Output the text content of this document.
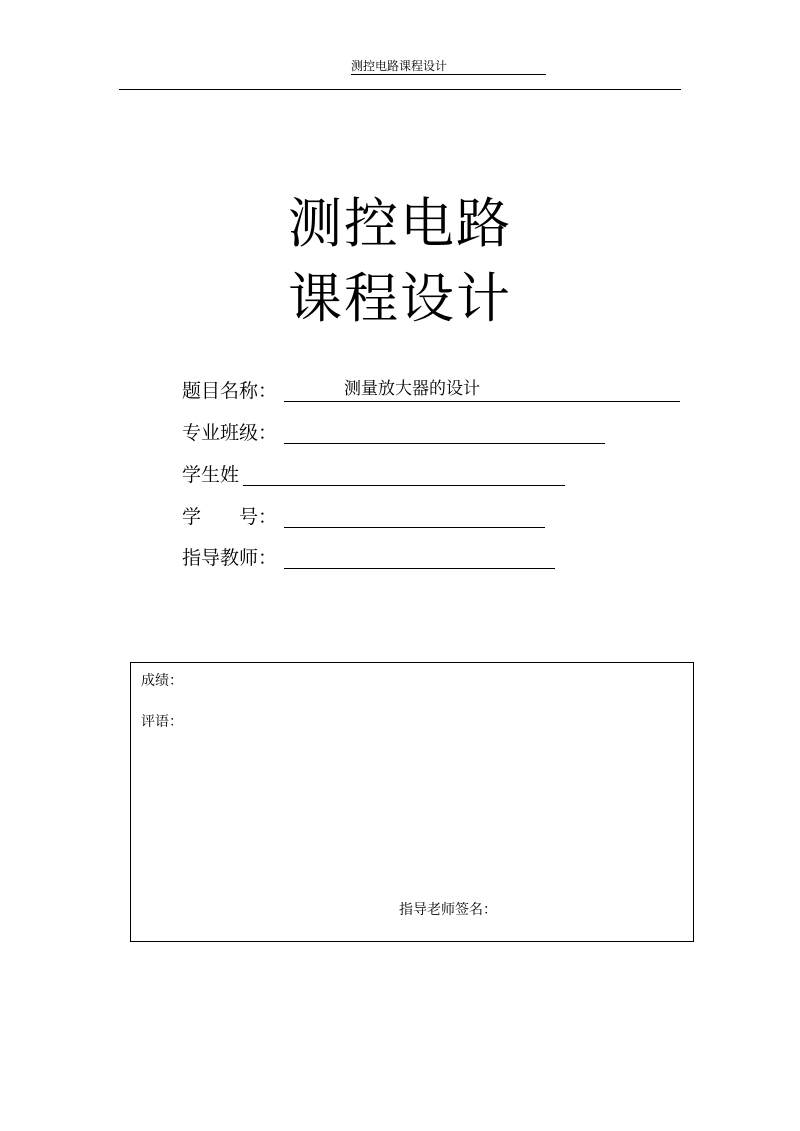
测控电路课程设计
测控电路
课程设计
题目名称：	测量放大器的设计
专业班级：
学生姓
学　　号：
指导教师：
成绩：
评语：
指导老师签名：
